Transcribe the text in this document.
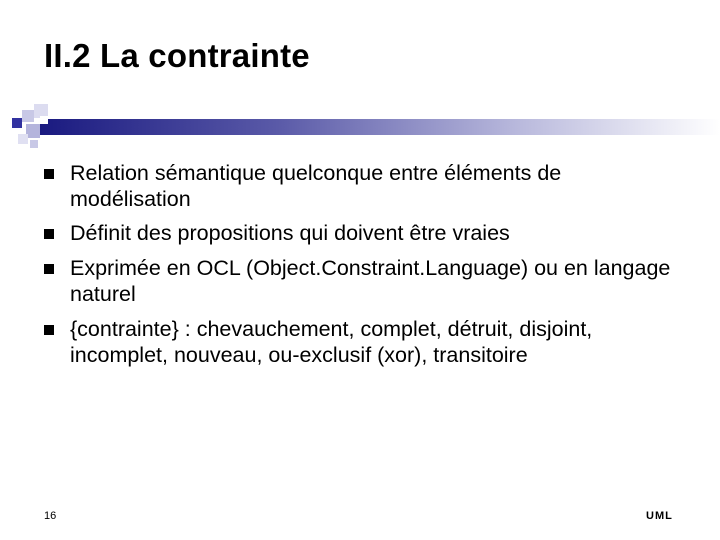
II.2 La contrainte
Relation sémantique quelconque entre éléments de modélisation
Définit des propositions qui doivent être vraies
Exprimée en OCL (Object.Constraint.Language) ou en langage naturel
{contrainte} : chevauchement, complet, détruit, disjoint, incomplet, nouveau, ou-exclusif (xor), transitoire
16	UML
